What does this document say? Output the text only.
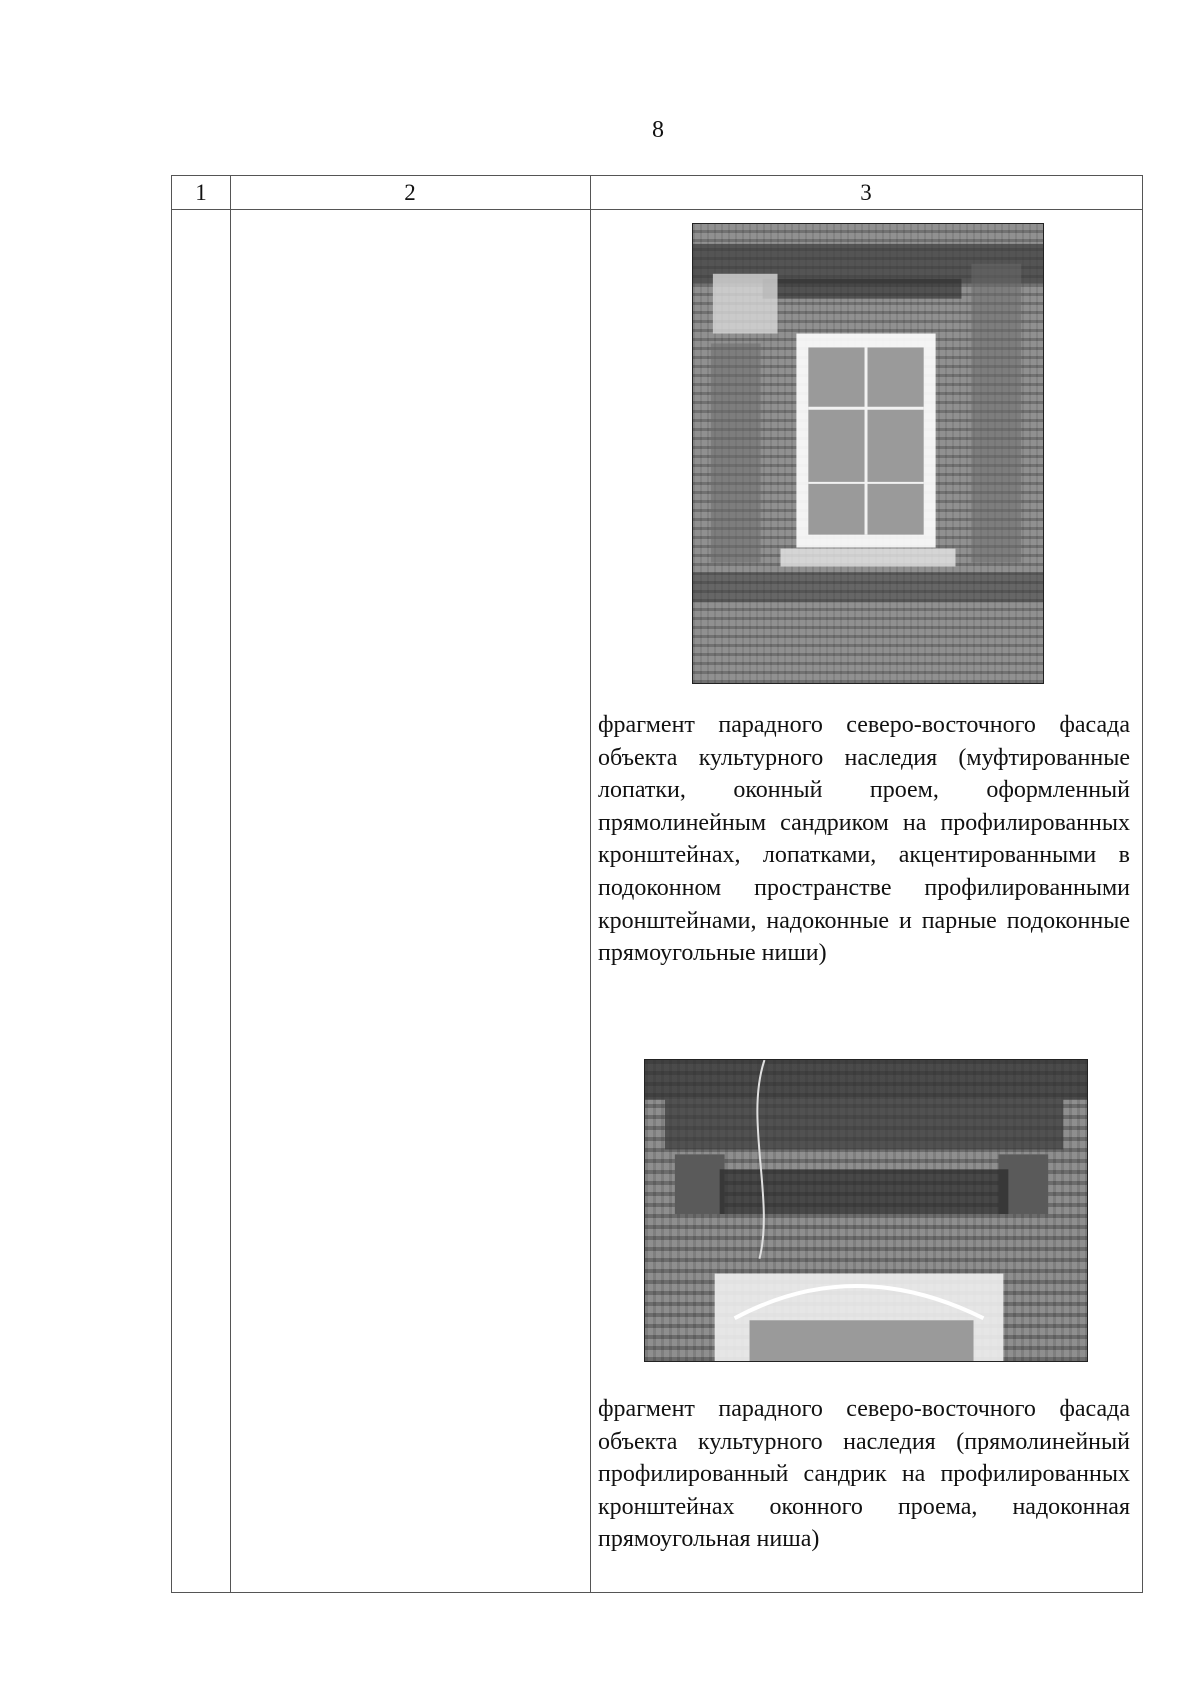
8
1	2	3
фрагмент парадного северо-восточного фасада объекта культурного наследия (муфтированные лопатки, оконный проем, оформленный прямолинейным сандриком на профилированных кронштейнах, лопатками, акцентированными в подоконном пространстве профилированными кронштейнами, надоконные и парные подоконные прямоугольные ниши)
фрагмент парадного северо-восточного фасада объекта культурного наследия (прямолинейный профилированный сандрик на профилированных кронштейнах оконного проема, надоконная прямоугольная ниша)
